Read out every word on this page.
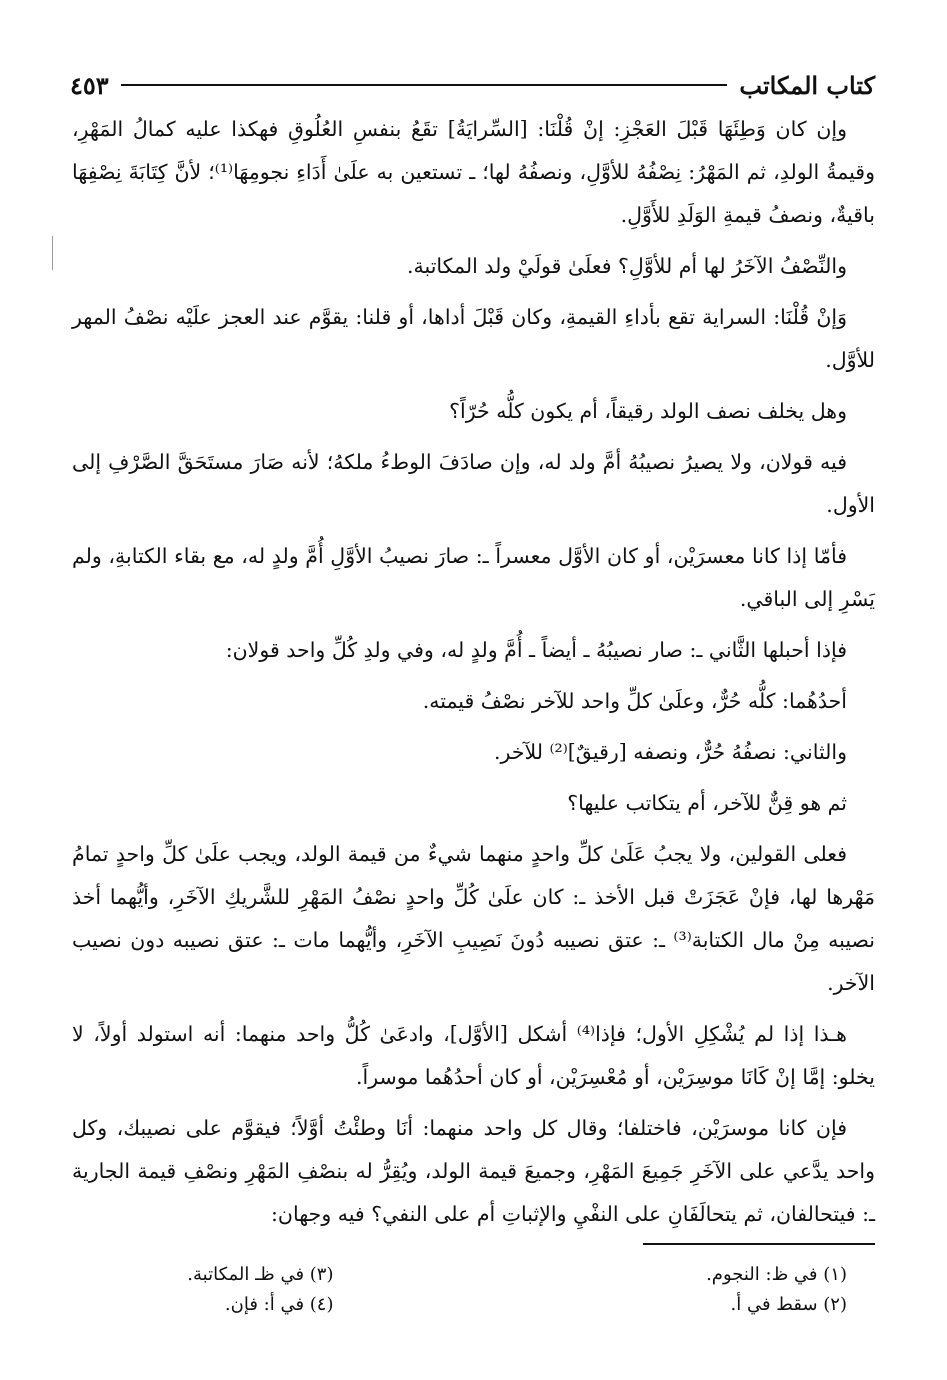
كتاب المكاتب
٤٥٣

وإن كان وَطِئَهَا قَبْلَ العَجْزِ: إنْ قُلْنَا: [السِّرايَةُ] تقَعُ بنفسِ العُلُوقِ فهكذا عليه كمالُ المَهْرِ، وقيمةُ الولدِ، ثم المَهْرُ: نِصْفُهُ للأوَّلِ، ونصفُهُ لها؛ ـ تستعين به علَىٰ أَدَاءِ نجومِهَا⁽¹⁾؛ لأنَّ كِتَابَةَ نِصْفِهَا باقيةٌ، ونصفُ قيمةِ الوَلَدِ للأَوَّلِ.

والنِّصْفُ الآخَرُ لها أم للأوَّلِ؟ فعلَىٰ قولَيْ ولد المكاتبة.

وَإنْ قُلْنَا: السراية تقع بأداءِ القيمةِ، وكان قَبْلَ أداها، أو قلنا: يقوَّم عند العجز علَيْه نصْفُ المهر للأوَّل.

وهل يخلف نصف الولد رقيقاً، أم يكون كلُّه حُرّاً؟

فيه قولان، ولا يصيرُ نصيبُهُ أمَّ ولد له، وإن صادَفَ الوطءُ ملكهُ؛ لأنه صَارَ مستَحَقَّ الصَّرْفِ إلى الأول.

فأمّا إذا كانا معسرَيْن، أو كان الأوَّل معسراً ـ: صارَ نصيبُ الأوَّلِ أُمَّ ولدٍ له، مع بقاء الكتابةِ، ولم يَسْرِ إلى الباقي.

فإذا أحبلها الثَّاني ـ: صار نصيبُهُ ـ أيضاً ـ أُمَّ ولدٍ له، وفي ولدِ كُلِّ واحد قولان:

أحدُهُما: كلُّه حُرٌّ، وعلَىٰ كلِّ واحد للآخر نصْفُ قيمته.

والثاني: نصفُهُ حُرٌّ، ونصفه [رقيقٌ]⁽²⁾ للآخر.

ثم هو قِنٌّ للآخر، أم يتكاتب عليها؟

فعلى القولين، ولا يجبُ عَلَىٰ كلِّ واحدٍ منهما شيءٌ من قيمة الولد، ويجب علَىٰ كلِّ واحدٍ تمامُ مَهْرها لها، فإنْ عَجَزَتْ قبل الأخذ ـ: كان علَىٰ كُلِّ واحدٍ نصْفُ المَهْرِ للشَّريكِ الآخَرِ، وأيُّهما أخذ نصيبه مِنْ مال الكتابة⁽³⁾ ـ: عتق نصيبه دُونَ نَصِيبِ الآخَرِ، وأيُّهما مات ـ: عتق نصيبه دون نصيب الآخر.

هـذا إذا لم يُشْكِلِ الأول؛ فإذا⁽⁴⁾ أشكل [الأوَّل]، وادعَىٰ كُلُّ واحد منهما: أنه استولد أولاً، لا يخلو: إمَّا إنْ كَانَا موسِرَيْن، أو مُعْسِرَيْن، أو كان أحدُهُما موسراً.

فإن كانا موسرَيْن، فاختلفا؛ وقال كل واحد منهما: أنَا وطئْتُ أوَّلاً؛ فيقوَّم على نصيبك، وكل واحد يدَّعي على الآخَرِ جَمِيعَ المَهْرِ، وجميعَ قيمة الولد، ويُقِرُّ له بنصْفِ المَهْرِ ونصْفِ قيمة الجارية ـ: فيتحالفان، ثم يتحالَفَانِ على النفْيِ والإثباتِ أم على النفي؟ فيه وجهان:

(١) في ظ: النجوم.
(٣) في ظـ المكاتبة.
(٢) سقط في أ.
(٤) في أ: فإن.
